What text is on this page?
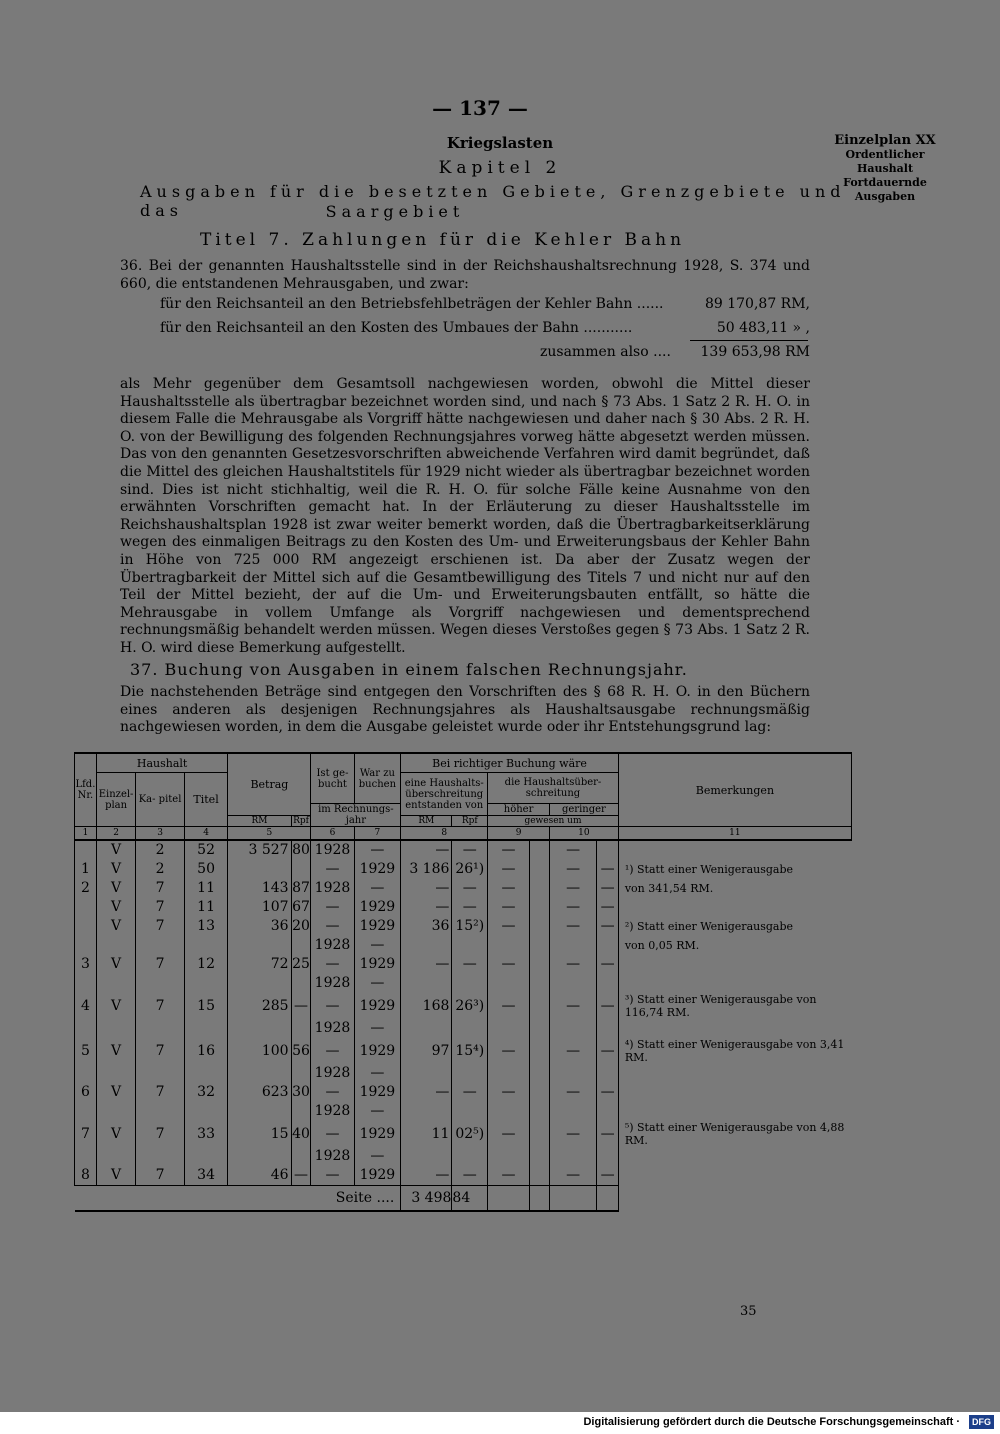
— 137 —
Kriegslasten
Kapitel 2
Ausgaben für die besetzten Gebiete, Grenzgebiete und das	Saargebiet
Einzelplan XX
Ordentlicher
Haushalt
Fortdauernde
Ausgaben
Titel 7. Zahlungen für die Kehler Bahn
36. Bei der genannten Haushaltsstelle sind in der Reichshaushaltsrechnung 1928, S. 374 und 660, die entstandenen Mehrausgaben, und zwar:
für den Reichsanteil an den Betriebsfehlbeträgen der Kehler Bahn ......	89 170,87 RM,
für den Reichsanteil an den Kosten des Umbaues der Bahn ...........	50 483,11 » ,
zusammen also .... 139 653,98 RM
als Mehr gegenüber dem Gesamtsoll nachgewiesen worden, obwohl die Mittel dieser Haushaltsstelle als übertragbar bezeichnet worden sind, und nach § 73 Abs. 1 Satz 2 R. H. O. in diesem Falle die Mehrausgabe als Vorgriff hätte nachgewiesen und daher nach § 30 Abs. 2 R. H. O. von der Bewilligung des folgenden Rechnungsjahres vorweg hätte abgesetzt werden müssen. Das von den genannten Gesetzesvorschriften abweichende Verfahren wird damit begründet, daß die Mittel des gleichen Haushaltstitels für 1929 nicht wieder als übertragbar bezeichnet worden sind. Dies ist nicht stichhaltig, weil die R. H. O. für solche Fälle keine Ausnahme von den erwähnten Vorschriften gemacht hat. In der Erläuterung zu dieser Haushaltsstelle im Reichshaushaltsplan 1928 ist zwar weiter bemerkt worden, daß die Übertragbarkeitserklärung wegen des einmaligen Beitrags zu den Kosten des Um- und Erweiterungsbaus der Kehler Bahn in Höhe von 725 000 RM angezeigt erschienen ist. Da aber der Zusatz wegen der Übertragbarkeit der Mittel sich auf die Gesamtbewilligung des Titels 7 und nicht nur auf den Teil der Mittel bezieht, der auf die Um- und Erweiterungsbauten entfällt, so hätte die Mehrausgabe in vollem Umfange als Vorgriff nachgewiesen und dementsprechend rechnungsmäßig behandelt werden müssen. Wegen dieses Verstoßes gegen § 73 Abs. 1 Satz 2 R. H. O. wird diese Bemerkung aufgestellt.
37. Buchung von Ausgaben in einem falschen Rechnungsjahr.
Die nachstehenden Beträge sind entgegen den Vorschriften des § 68 R. H. O. in den Büchern eines anderen als desjenigen Rechnungsjahres als Haushaltsausgabe rechnungsmäßig nachgewiesen worden, in dem die Ausgabe geleistet wurde oder ihr Entstehungsgrund lag:
Lfd. Nr.	Haushalt			Betrag		Ist ge- bucht	War zu buchen	Bei richtiger Buchung wäre						Bemerkungen
	Einzel- plan	Ka- pitel	Titel					eine Haushalts- überschreitung entstanden von		die Haushaltsüber- schreitung				
						im Rechnungs- jahr				höher		geringer		
				RM	Rpf			RM	Rpf	gewesen um				
1	2	3	4	5		6	7	8		9		10		11
	V	2	52	3 527	80	1928	—	—	—	—		—		
1	V	2	50			—	1929	3 186	26¹)	—		—	—	¹) Statt einer Wenigerausgabe
2	V	7	11	143	87	1928	—	—	—	—		—	—	von 341,54 RM.
	V	7	11	107	67	—	1929	—	—	—		—	—	
	V	7	13	36	20	—	1929	36	15²)	—		—	—	²) Statt einer Wenigerausgabe
						1928	—							von 0,05 RM.
3	V	7	12	72	25	—	1929	—	—	—		—	—	
						1928	—							
4	V	7	15	285	—	—	1929	168	26³)	—		—	—	³) Statt einer Wenigerausgabe von 116,74 RM.
						1928	—							
5	V	7	16	100	56	—	1929	97	15⁴)	—		—	—	⁴) Statt einer Wenigerausgabe von 3,41 RM.
						1928	—							
6	V	7	32	623	30	—	1929	—	—	—		—	—	
						1928	—							
7	V	7	33	15	40	—	1929	11	02⁵)	—		—	—	⁵) Statt einer Wenigerausgabe von 4,88 RM.
						1928	—							
8	V	7	34	46	—	—	1929	—	—	—		—	—	
Seite ....								3 498	84					
35
Digitalisierung gefördert durch die Deutsche Forschungsgemeinschaft ·	DFG
